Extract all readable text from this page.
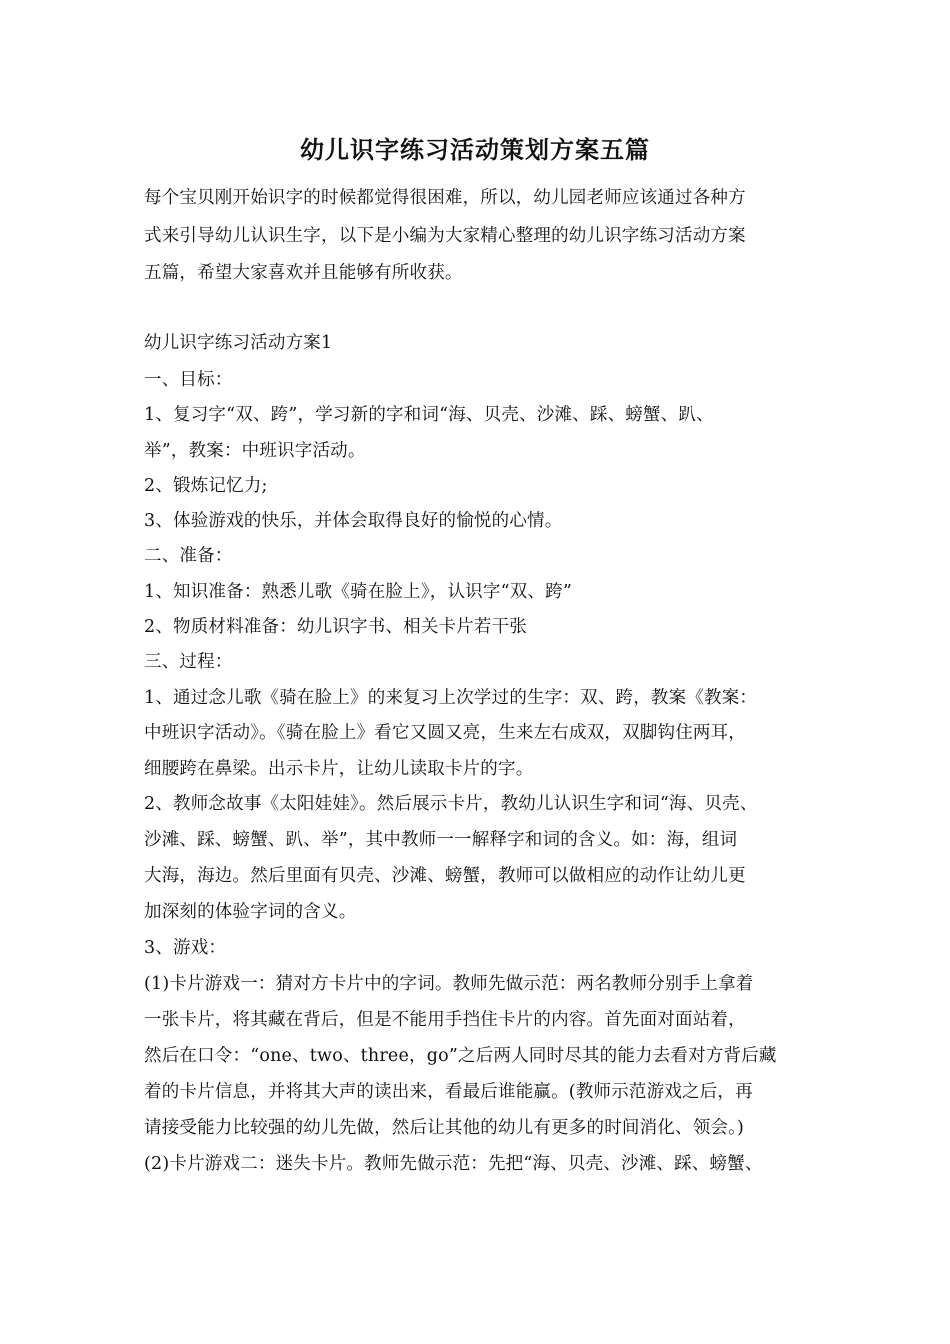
幼儿识字练习活动策划方案五篇
每个宝贝刚开始识字的时候都觉得很困难，所以，幼儿园老师应该通过各种方
式来引导幼儿认识生字，以下是小编为大家精心整理的幼儿识字练习活动方案
五篇，希望大家喜欢并且能够有所收获。
幼儿识字练习活动方案1
一、目标：
1、复习字“双、跨”，学习新的字和词“海、贝壳、沙滩、踩、螃蟹、趴、
举”，教案：中班识字活动。
2、锻炼记忆力;
3、体验游戏的快乐，并体会取得良好的愉悦的心情。
二、准备：
1、知识准备：熟悉儿歌《骑在脸上》，认识字“双、跨”
2、物质材料准备：幼儿识字书、相关卡片若干张
三、过程：
1、通过念儿歌《骑在脸上》的来复习上次学过的生字：双、跨，教案《教案：
中班识字活动》。《骑在脸上》看它又圆又亮，生来左右成双，双脚钩住两耳，
细腰跨在鼻梁。出示卡片，让幼儿读取卡片的字。
2、教师念故事《太阳娃娃》。然后展示卡片，教幼儿认识生字和词“海、贝壳、
沙滩、踩、螃蟹、趴、举”，其中教师一一解释字和词的含义。如：海，组词
大海，海边。然后里面有贝壳、沙滩、螃蟹，教师可以做相应的动作让幼儿更
加深刻的体验字词的含义。
3、游戏：
(1)卡片游戏一：猜对方卡片中的字词。教师先做示范：两名教师分别手上拿着
一张卡片，将其藏在背后，但是不能用手挡住卡片的内容。首先面对面站着，
然后在口令：“one、two、three，go”之后两人同时尽其的能力去看对方背后藏
着的卡片信息，并将其大声的读出来，看最后谁能赢。(教师示范游戏之后，再
请接受能力比较强的幼儿先做，然后让其他的幼儿有更多的时间消化、领会。)
(2)卡片游戏二：迷失卡片。教师先做示范：先把“海、贝壳、沙滩、踩、螃蟹、
